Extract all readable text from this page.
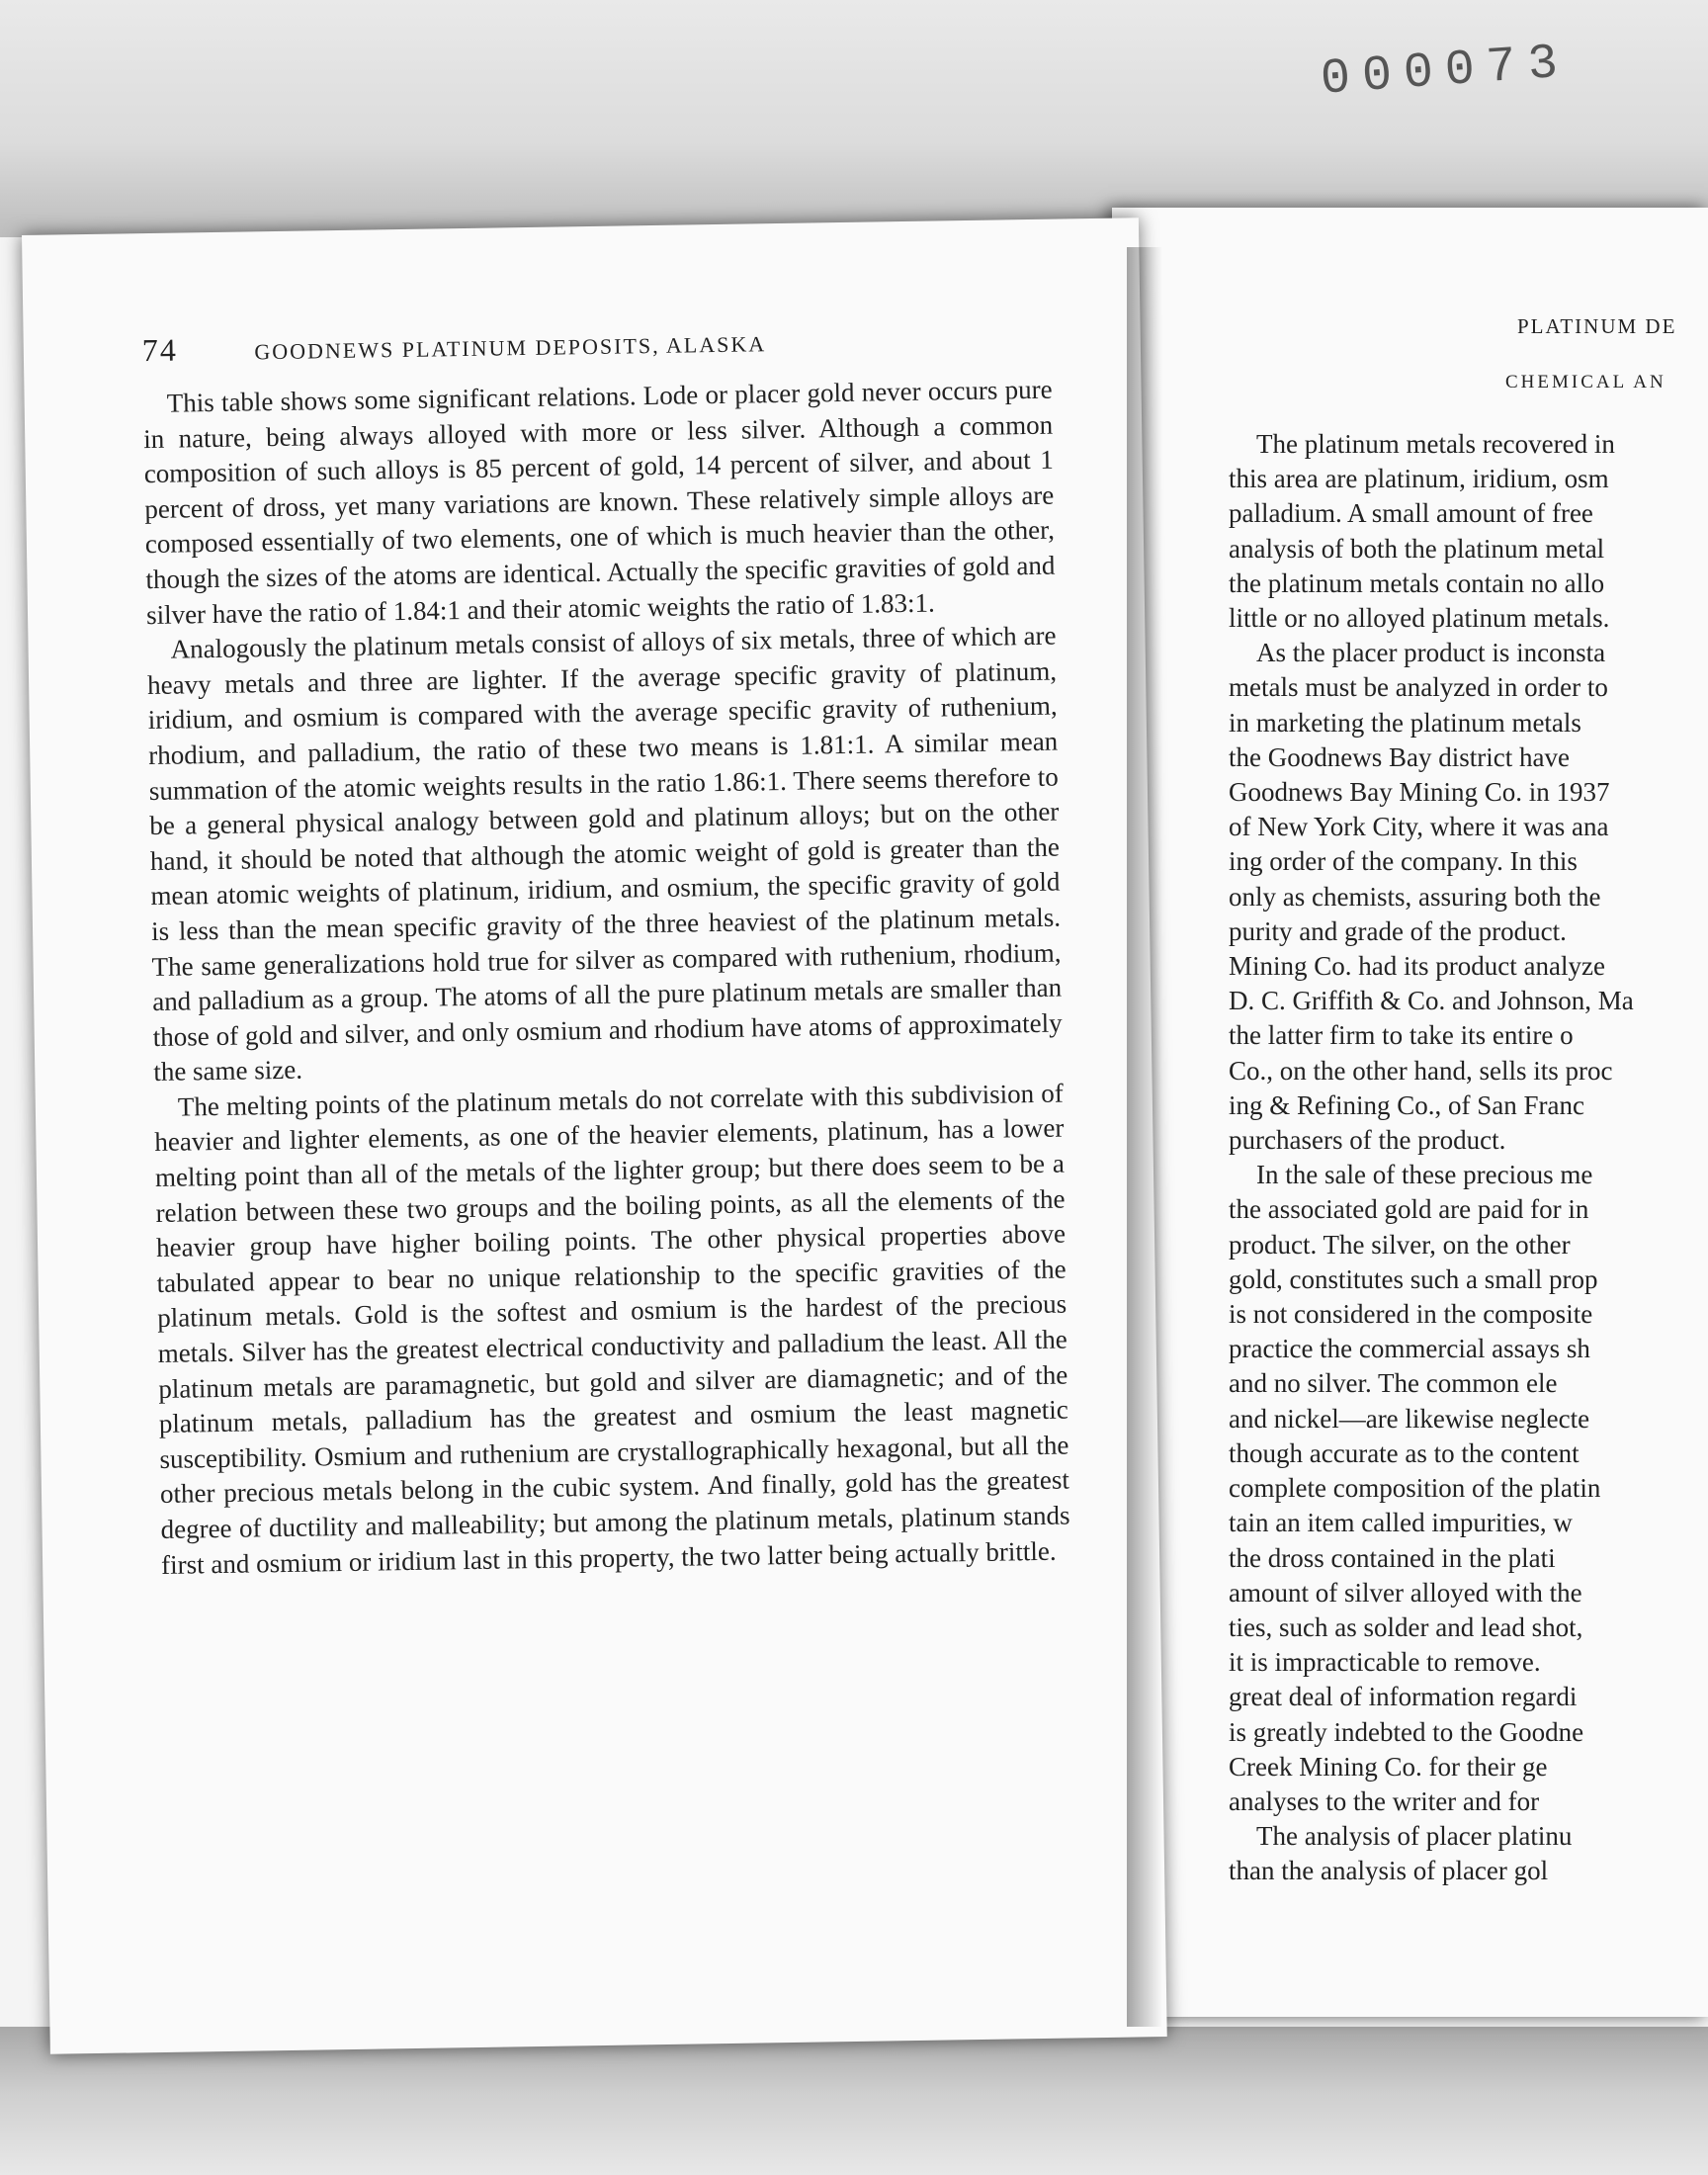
000073
PLATINUM DE
CHEMICAL AN
The platinum metals recovered in
this area are platinum, iridium, osm
palladium. A small amount of free
analysis of both the platinum metal
the platinum metals contain no allo
little or no alloyed platinum metals.
As the placer product is inconsta
metals must be analyzed in order to
in marketing the platinum metals
the Goodnews Bay district have
Goodnews Bay Mining Co. in 1937
of New York City, where it was ana
ing order of the company. In this
only as chemists, assuring both the
purity and grade of the product.
Mining Co. had its product analyze
D. C. Griffith & Co. and Johnson, Ma
the latter firm to take its entire o
Co., on the other hand, sells its proc
ing & Refining Co., of San Franc
purchasers of the product.
In the sale of these precious me
the associated gold are paid for in
product. The silver, on the other
gold, constitutes such a small prop
is not considered in the composite
practice the commercial assays sh
and no silver. The common ele
and nickel—are likewise neglecte
though accurate as to the content
complete composition of the platin
tain an item called impurities, w
the dross contained in the plati
amount of silver alloyed with the
ties, such as solder and lead shot,
it is impracticable to remove.
great deal of information regardi
is greatly indebted to the Goodne
Creek Mining Co. for their ge
analyses to the writer and for
The analysis of placer platinu
than the analysis of placer gol
74	GOODNEWS PLATINUM DEPOSITS, ALASKA

This table shows some significant relations. Lode or placer gold never occurs pure in nature, being always alloyed with more or less silver. Although a common composition of such alloys is 85 percent of gold, 14 percent of silver, and about 1 percent of dross, yet many variations are known. These relatively simple alloys are composed essentially of two elements, one of which is much heavier than the other, though the sizes of the atoms are identical. Actually the specific gravities of gold and silver have the ratio of 1.84:1 and their atomic weights the ratio of 1.83:1.

Analogously the platinum metals consist of alloys of six metals, three of which are heavy metals and three are lighter. If the average specific gravity of platinum, iridium, and osmium is compared with the average specific gravity of ruthenium, rhodium, and palladium, the ratio of these two means is 1.81:1. A similar mean summation of the atomic weights results in the ratio 1.86:1. There seems therefore to be a general physical analogy between gold and platinum alloys; but on the other hand, it should be noted that although the atomic weight of gold is greater than the mean atomic weights of platinum, iridium, and osmium, the specific gravity of gold is less than the mean specific gravity of the three heaviest of the platinum metals. The same generalizations hold true for silver as compared with ruthenium, rhodium, and palladium as a group. The atoms of all the pure platinum metals are smaller than those of gold and silver, and only osmium and rhodium have atoms of approximately the same size.

The melting points of the platinum metals do not correlate with this subdivision of heavier and lighter elements, as one of the heavier elements, platinum, has a lower melting point than all of the metals of the lighter group; but there does seem to be a relation between these two groups and the boiling points, as all the elements of the heavier group have higher boiling points. The other physical properties above tabulated appear to bear no unique relationship to the specific gravities of the platinum metals. Gold is the softest and osmium is the hardest of the precious metals. Silver has the greatest electrical conductivity and palladium the least. All the platinum metals are paramagnetic, but gold and silver are diamagnetic; and of the platinum metals, palladium has the greatest and osmium the least magnetic susceptibility. Osmium and ruthenium are crystallographically hexagonal, but all the other precious metals belong in the cubic system. And finally, gold has the greatest degree of ductility and malleability; but among the platinum metals, platinum stands first and osmium or iridium last in this property, the two latter being actually brittle.
